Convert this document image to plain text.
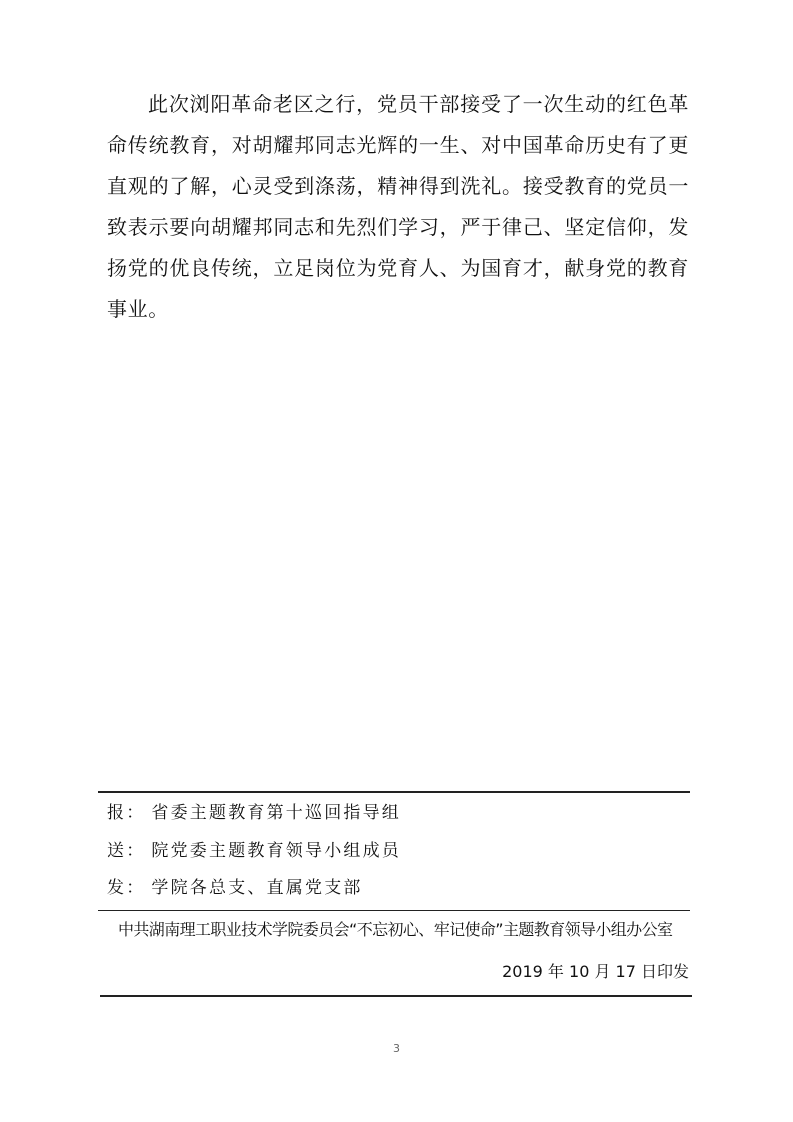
此次浏阳革命老区之行，党员干部接受了一次生动的红色革命传统教育，对胡耀邦同志光辉的一生、对中国革命历史有了更直观的了解，心灵受到涤荡，精神得到洗礼。接受教育的党员一致表示要向胡耀邦同志和先烈们学习，严于律己、坚定信仰，发扬党的优良传统，立足岗位为党育人、为国育才，献身党的教育事业。

报： 省委主题教育第十巡回指导组

送： 院党委主题教育领导小组成员

发： 学院各总支、直属党支部

中共湖南理工职业技术学院委员会“不忘初心、牢记使命”主题教育领导小组办公室

2019 年 10 月 17 日印发

3
